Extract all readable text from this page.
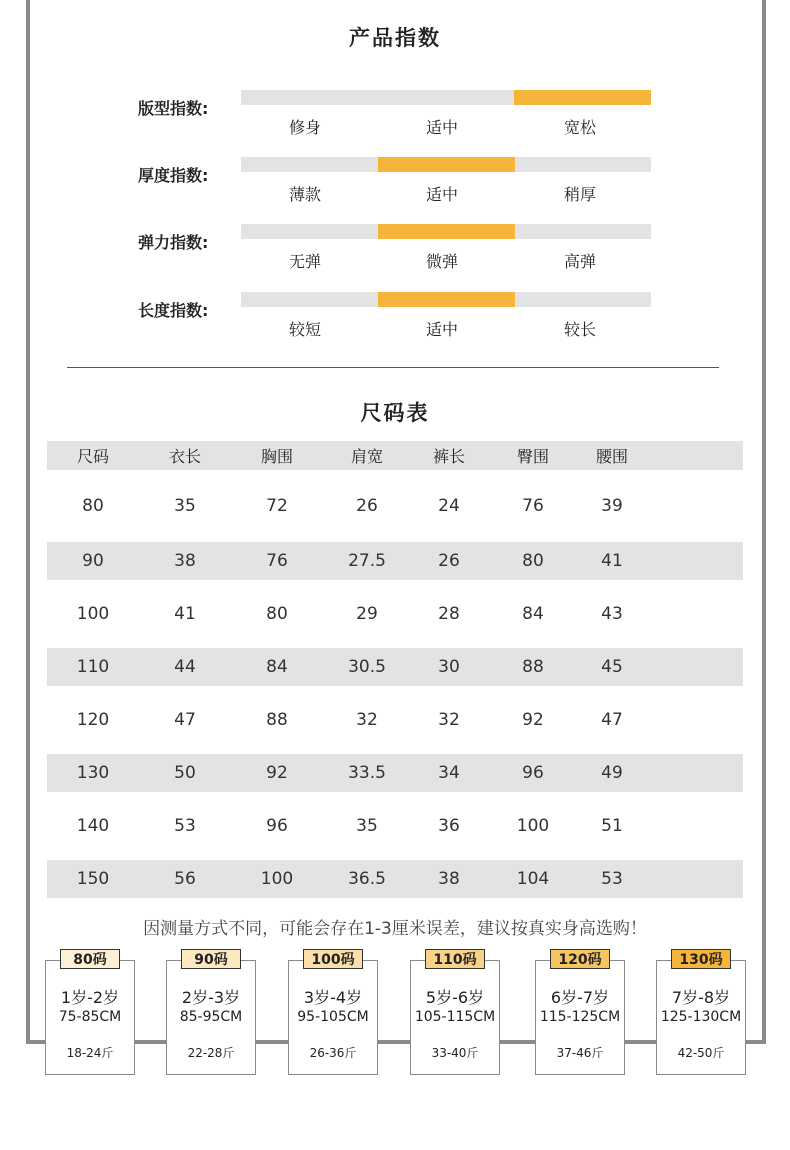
产品指数
版型指数:
修身	适中	宽松
厚度指数:
薄款	适中	稍厚
弹力指数:
无弹	微弹	高弹
长度指数:
较短	适中	较长
尺码表
尺码	衣长	胸围	肩宽	裤长	臀围	腰围
80	35	72	26	24	76	39
90	38	76	27.5	26	80	41
100	41	80	29	28	84	43
110	44	84	30.5	30	88	45
120	47	88	32	32	92	47
130	50	92	33.5	34	96	49
140	53	96	35	36	100	51
150	56	100	36.5	38	104	53
因测量方式不同，可能会存在1-3厘米误差，建议按真实身高选购！
80码
1岁-2岁
75-85CM
18-24斤
90码
2岁-3岁
85-95CM
22-28斤
100码
3岁-4岁
95-105CM
26-36斤
110码
5岁-6岁
105-115CM
33-40斤
120码
6岁-7岁
115-125CM
37-46斤
130码
7岁-8岁
125-130CM
42-50斤
